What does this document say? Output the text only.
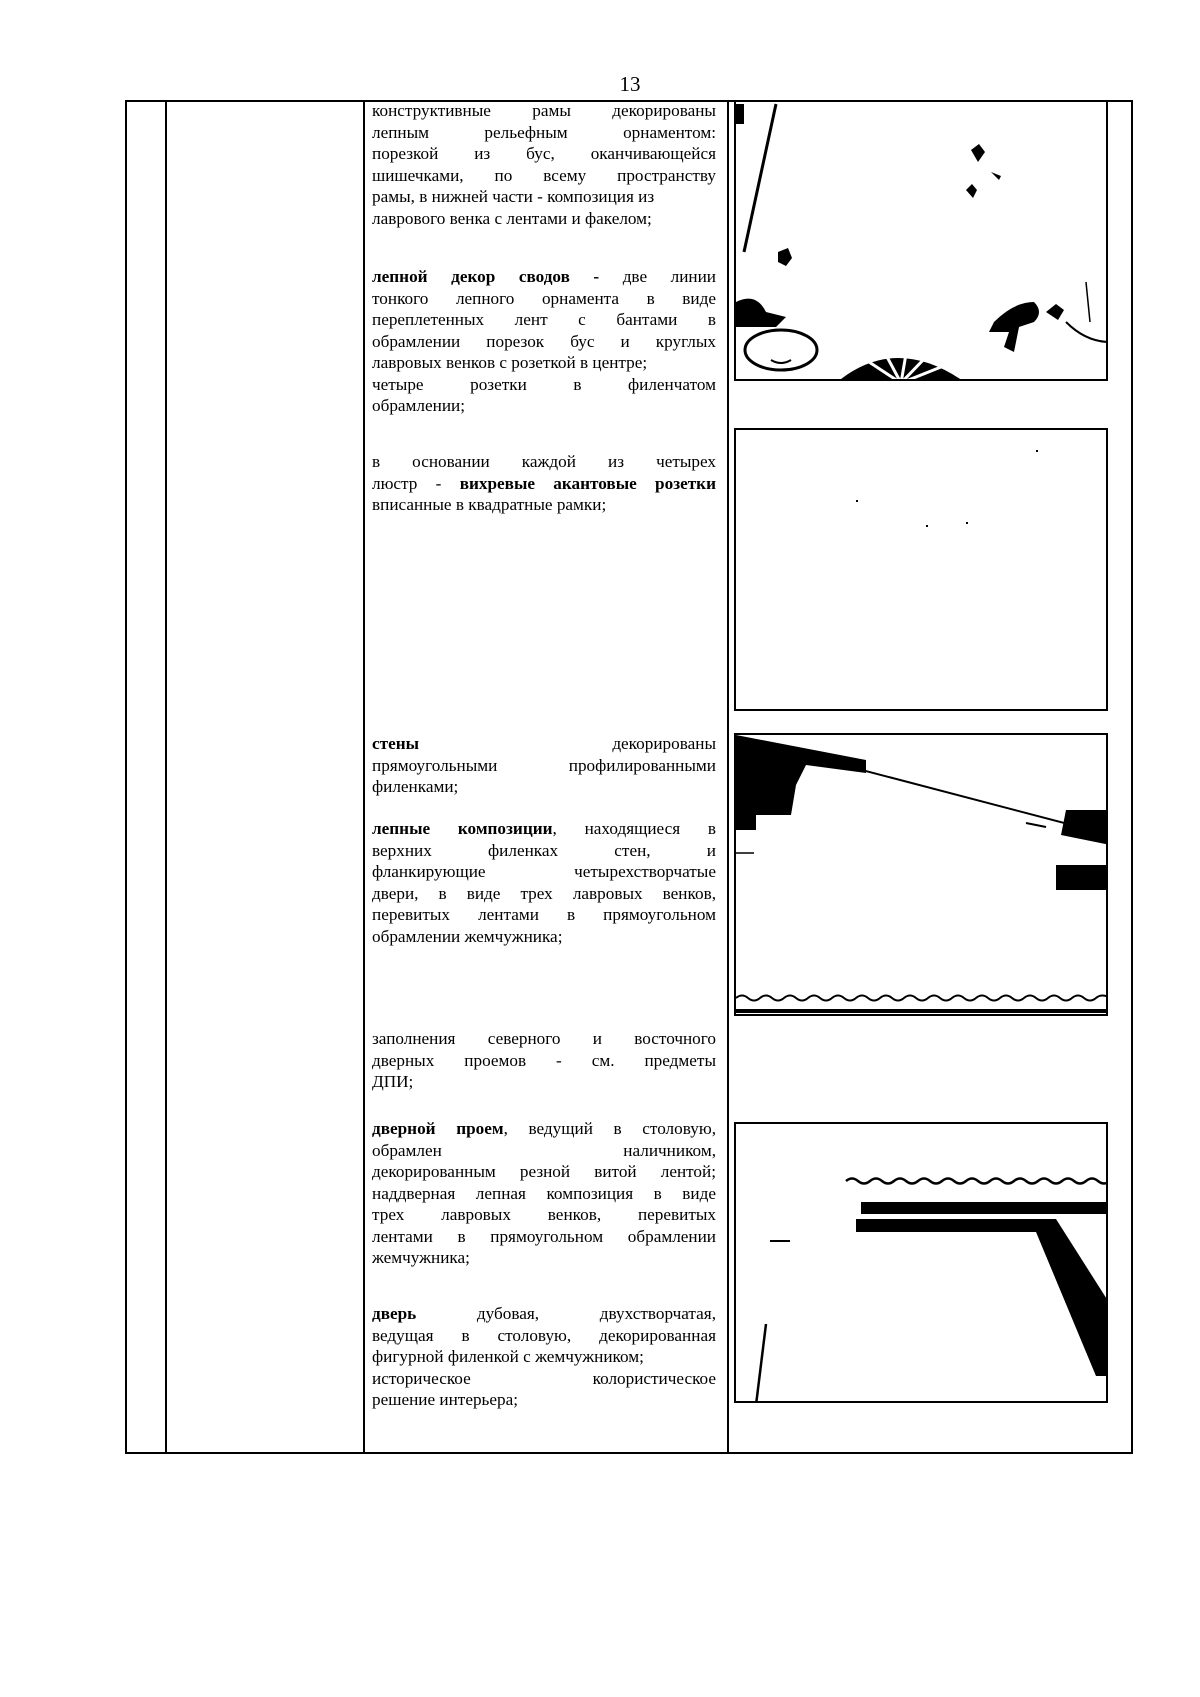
13
конструктивные рамы декорированы
лепным рельефным орнаментом:
порезкой из бус, оканчивающейся
шишечками, по всему пространству
рамы, в нижней части - композиция из
лаврового венка с лентами и факелом;
лепной декор сводов - две линии
тонкого лепного орнамента в виде
переплетенных лент с бантами в
обрамлении порезок бус и круглых
лавровых венков с розеткой в центре;
четыре розетки в филенчатом
обрамлении;
в основании каждой из четырех
люстр - вихревые акантовые розетки
вписанные в квадратные рамки;
стены	декорированы
прямоугольными профилированными
филенками;
лепные композиции, находящиеся в
верхних филенках стен, и
фланкирующие четырехстворчатые
двери, в виде трех лавровых венков,
перевитых лентами в прямоугольном
обрамлении жемчужника;
заполнения северного и восточного
дверных проемов - см. предметы
ДПИ;
дверной проем, ведущий в столовую,
обрамлен наличником,
декорированным резной витой лентой;
наддверная лепная композиция в виде
трех лавровых венков, перевитых
лентами в прямоугольном обрамлении
жемчужника;
дверь дубовая, двухстворчатая,
ведущая в столовую, декорированная
фигурной филенкой с жемчужником;
историческое колористическое
решение интерьера;
